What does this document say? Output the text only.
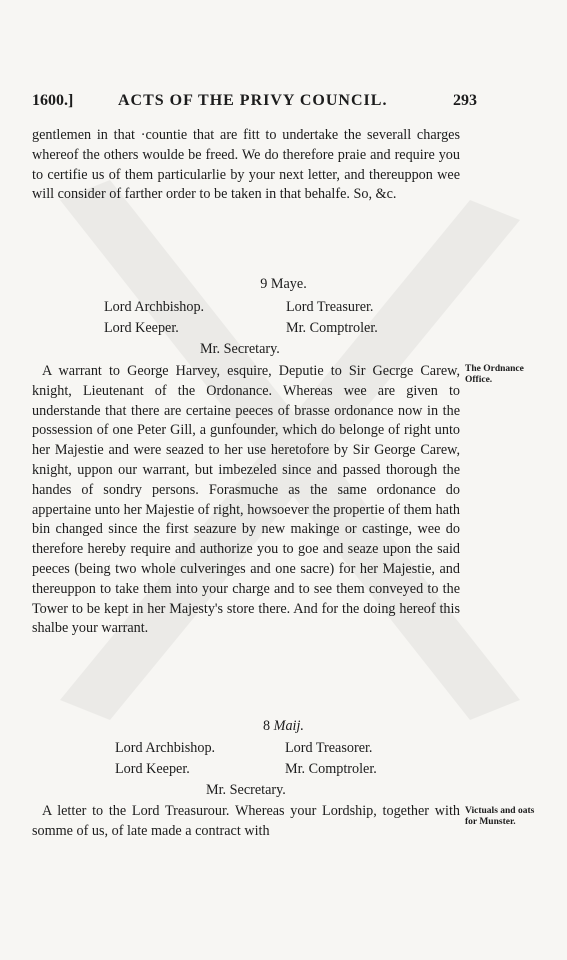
1600.]	ACTS OF THE PRIVY COUNCIL.	293
gentlemen in that ·countie that are fitt to undertake the severall charges whereof the others woulde be freed. We do therefore praie and require you to certifie us of them particularlie by your next letter, and thereuppon wee will consider of farther order to be taken in that behalfe. So, &c.
9 Maye.
Lord Archbishop.	Lord Treasurer.
Lord Keeper.	Mr. Comptroler.
Mr. Secretary.
The Ordnance Office.
A warrant to George Harvey, esquire, Deputie to Sir Gecrge Carew, knight, Lieutenant of the Ordonance. Whereas wee are given to understande that there are certaine peeces of brasse ordonance now in the possession of one Peter Gill, a gunfounder, which do belonge of right unto her Majestie and were seazed to her use heretofore by Sir George Carew, knight, uppon our warrant, but imbezeled since and passed thorough the handes of sondry persons. Forasmuche as the same ordonance do appertaine unto her Majestie of right, howsoever the propertie of them hath bin changed since the first seazure by new makinge or castinge, wee do therefore hereby require and authorize you to goe and seaze upon the said peeces (being two whole culveringes and one sacre) for her Majestie, and thereuppon to take them into your charge and to see them conveyed to the Tower to be kept in her Majesty's store there. And for the doing hereof this shalbe your warrant.
8 Maij.
Lord Archbishop.	Lord Treasorer.
Lord Keeper.	Mr. Comptroler.
Mr. Secretary.
Victuals and oats for Munster.
A letter to the Lord Treasurour. Whereas your Lordship, together with somme of us, of late made a contract with
